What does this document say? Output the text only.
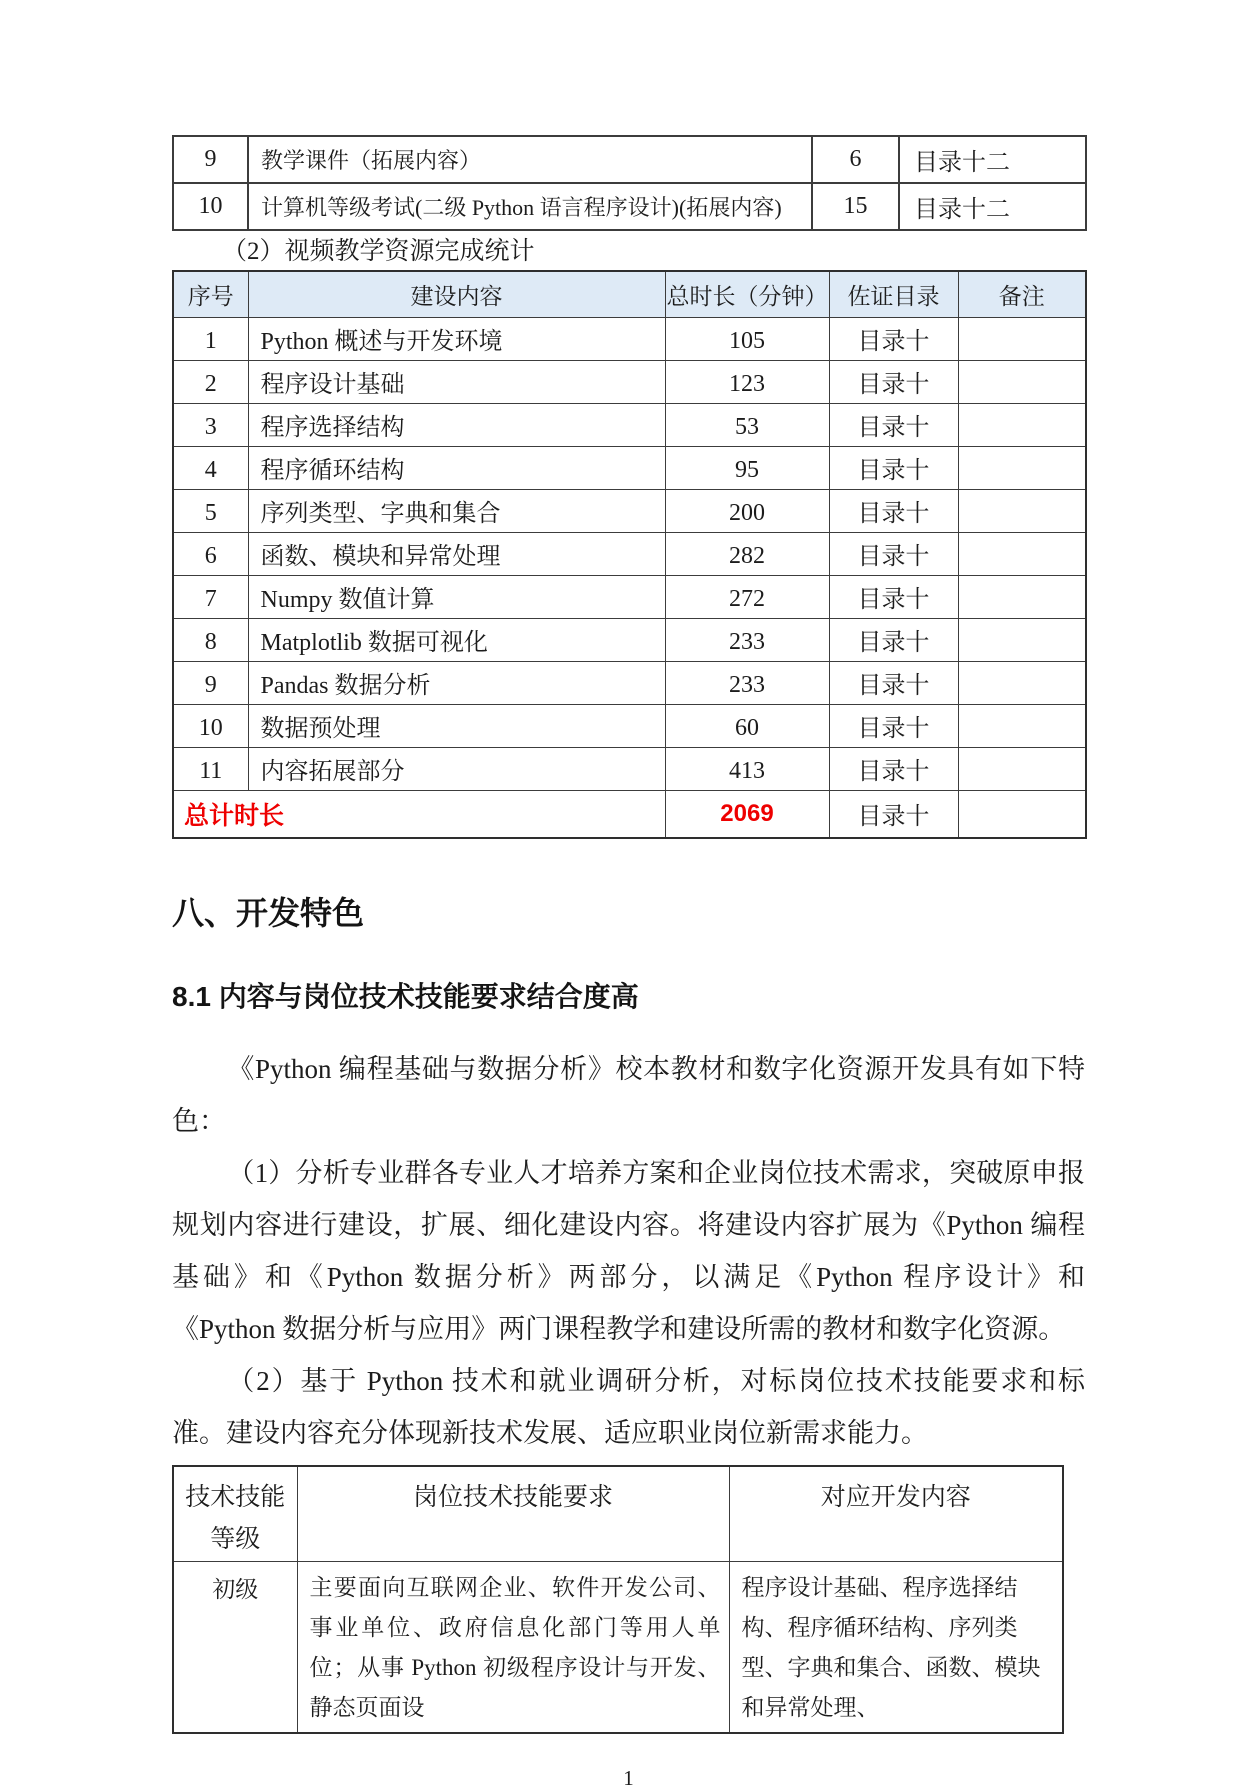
9	教学课件（拓展内容）	6	目录十二
10	计算机等级考试(二级 Python 语言程序设计)(拓展内容)	15	目录十二

（2）视频教学资源完成统计

序号	建设内容	总时长（分钟）	佐证目录	备注
1	Python 概述与开发环境	105	目录十	
2	程序设计基础	123	目录十	
3	程序选择结构	53	目录十	
4	程序循环结构	95	目录十	
5	序列类型、字典和集合	200	目录十	
6	函数、模块和异常处理	282	目录十	
7	Numpy 数值计算	272	目录十	
8	Matplotlib 数据可视化	233	目录十	
9	Pandas 数据分析	233	目录十	
10	数据预处理	60	目录十	
11	内容拓展部分	413	目录十	
总计时长		2069	目录十	
八、开发特色
8.1 内容与岗位技术技能要求结合度高

《Python 编程基础与数据分析》校本教材和数字化资源开发具有如下特色：

（1）分析专业群各专业人才培养方案和企业岗位技术需求，突破原申报规划内容进行建设，扩展、细化建设内容。将建设内容扩展为《Python 编程基础》和《Python 数据分析》两部分，以满足《Python 程序设计》和《Python 数据分析与应用》两门课程教学和建设所需的教材和数字化资源。

（2）基于 Python 技术和就业调研分析，对标岗位技术技能要求和标准。建设内容充分体现新技术发展、适应职业岗位新需求能力。

技术技能等级	岗位技术技能要求	对应开发内容
初级	主要面向互联网企业、软件开发公司、事业单位、政府信息化部门等用人单位；从事 Python 初级程序设计与开发、静态页面设	程序设计基础、程序选择结构、程序循环结构、序列类型、字典和集合、函数、模块和异常处理、
1
